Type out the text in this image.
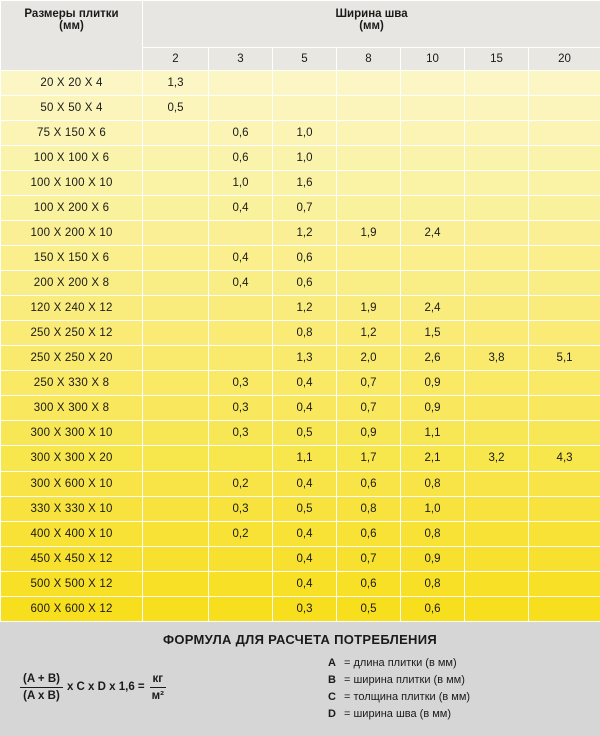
Размеры плитки
(мм)	Ширина шва
(мм)						
	2	3	5	8	10	15	20
20 X 20 X 4	1,3						
50 X 50 X 4	0,5						
75 X 150 X 6		0,6	1,0				
100 X 100 X 6		0,6	1,0				
100 X 100 X 10		1,0	1,6				
100 X 200 X 6		0,4	0,7				
100 X 200 X 10			1,2	1,9	2,4		
150 X 150 X 6		0,4	0,6				
200 X 200 X 8		0,4	0,6				
120 X 240 X 12			1,2	1,9	2,4		
250 X 250 X 12			0,8	1,2	1,5		
250 X 250 X 20			1,3	2,0	2,6	3,8	5,1
250 X 330 X 8		0,3	0,4	0,7	0,9		
300 X 300 X 8		0,3	0,4	0,7	0,9		
300 X 300 X 10		0,3	0,5	0,9	1,1		
300 X 300 X 20			1,1	1,7	2,1	3,2	4,3
300 X 600 X 10		0,2	0,4	0,6	0,8		
330 X 330 X 10		0,3	0,5	0,8	1,0		
400 X 400 X 10		0,2	0,4	0,6	0,8		
450 X 450 X 12			0,4	0,7	0,9		
500 X 500 X 12			0,4	0,6	0,8		
600 X 600 X 12			0,3	0,5	0,6		
ФОРМУЛА ДЛЯ РАСЧЕТА ПОТРЕБЛЕНИЯ
$\frac{(A + B)}{\text{(A x B)}}$ x C x D x $1,6 = \frac{кг}{\text{м²}}$
A = длина плитки (в мм)
B = ширина плитки (в мм)
C = толщина плитки (в мм)
D = ширина шва (в мм)
